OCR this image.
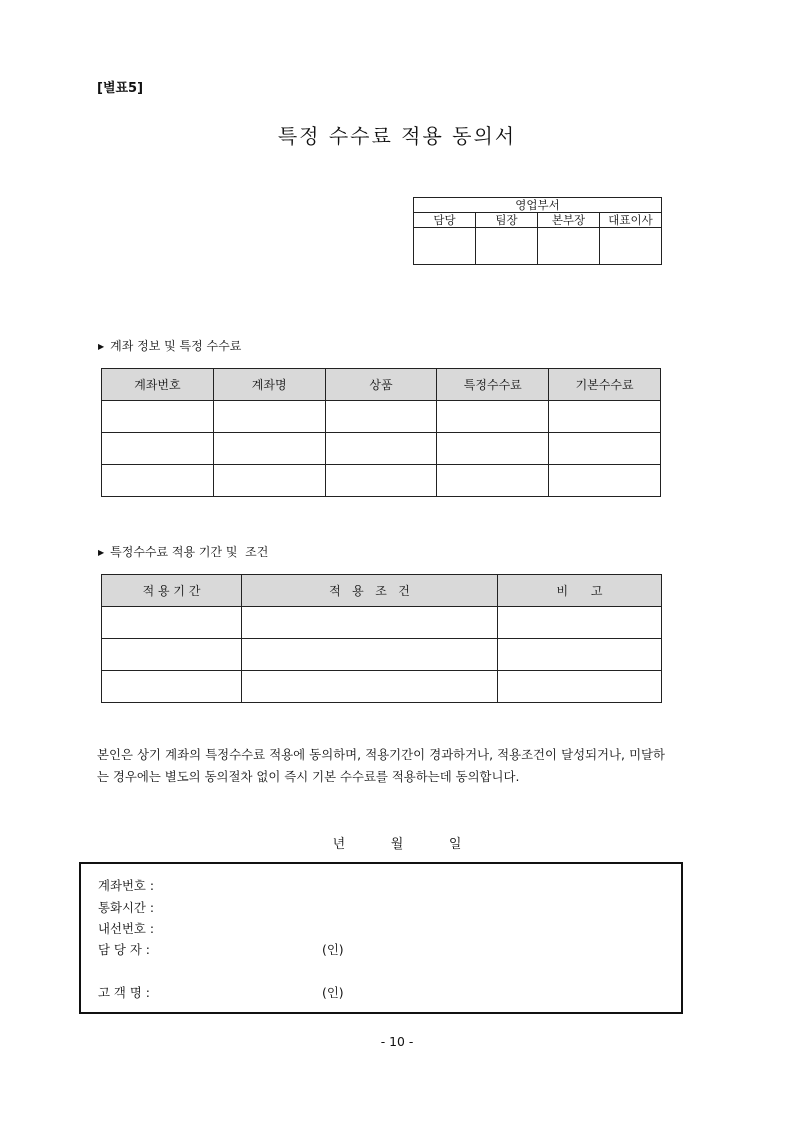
[별표5]
특정 수수료 적용 동의서
영업부서			
담당	팀장	본부장	대표이사

▶ 계좌 정보 및 특정 수수료
계좌번호	계좌명	상품	특정수수료	기본수수료

▶ 특정수수료 적용 기간 및  조건
적 용 기 간	적   용   조   건	비      고

본인은 상기 계좌의 특정수수료 적용에 동의하며, 적용기간이 경과하거나, 적용조건이 달성되거나, 미달하는 경우에는 별도의 동의절차 없이 즉시 기본 수수료를 적용하는데 동의합니다.
년	월	일
계좌번호 :
통화시간 :
내선번호 :
담 당 자 :	(인)
고 객 명 :	(인)
- 10 -
